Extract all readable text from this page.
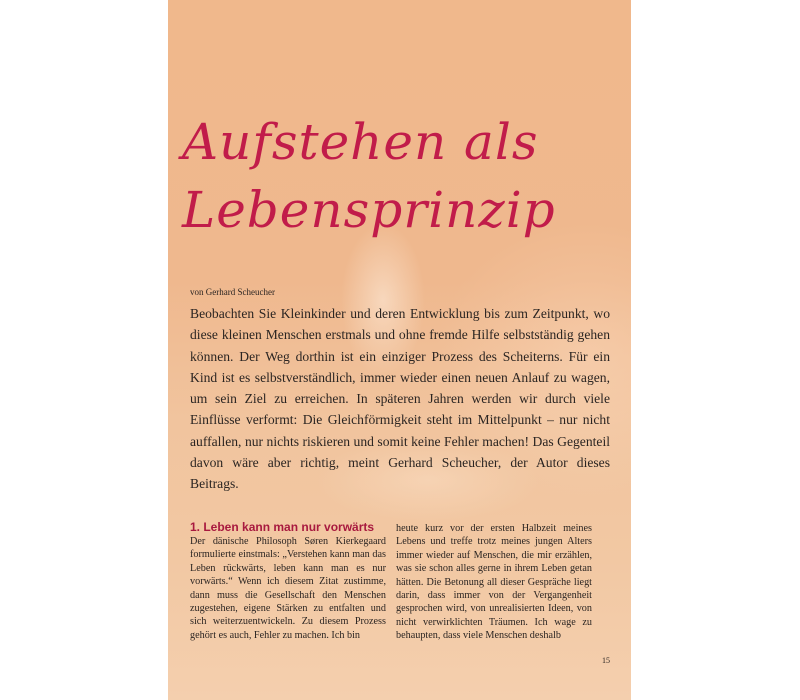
Aufstehen als
Lebensprinzip
von Gerhard Scheucher

Beobachten Sie Kleinkinder und deren Entwicklung bis zum Zeitpunkt, wo diese kleinen Menschen erstmals und ohne fremde Hilfe selbstständig gehen können. Der Weg dorthin ist ein einziger Prozess des Scheiterns. Für ein Kind ist es selbstverständlich, immer wieder einen neuen Anlauf zu wagen, um sein Ziel zu erreichen. In späteren Jahren werden wir durch viele Einflüsse verformt: Die Gleichförmigkeit steht im Mittelpunkt – nur nicht auffallen, nur nichts riskieren und somit keine Fehler machen! Das Gegenteil davon wäre aber richtig, meint Gerhard Scheucher, der Autor dieses Beitrags.

1. Leben kann man nur vorwärts

Der dänische Philosoph Søren Kierkegaard formulierte einstmals: „Verstehen kann man das Leben rückwärts, leben kann man es nur vorwärts.“ Wenn ich diesem Zitat zustimme, dann muss die Gesellschaft den Menschen zugestehen, eigene Stärken zu entfalten und sich weiterzuentwickeln. Zu diesem Prozess gehört es auch, Fehler zu machen. Ich bin

heute kurz vor der ersten Halbzeit meines Lebens und treffe trotz meines jungen Alters immer wieder auf Menschen, die mir erzählen, was sie schon alles gerne in ihrem Leben getan hätten. Die Betonung all dieser Gespräche liegt darin, dass immer von der Vergangenheit gesprochen wird, von unrealisierten Ideen, von nicht verwirklichten Träumen. Ich wage zu behaupten, dass viele Menschen deshalb

15
